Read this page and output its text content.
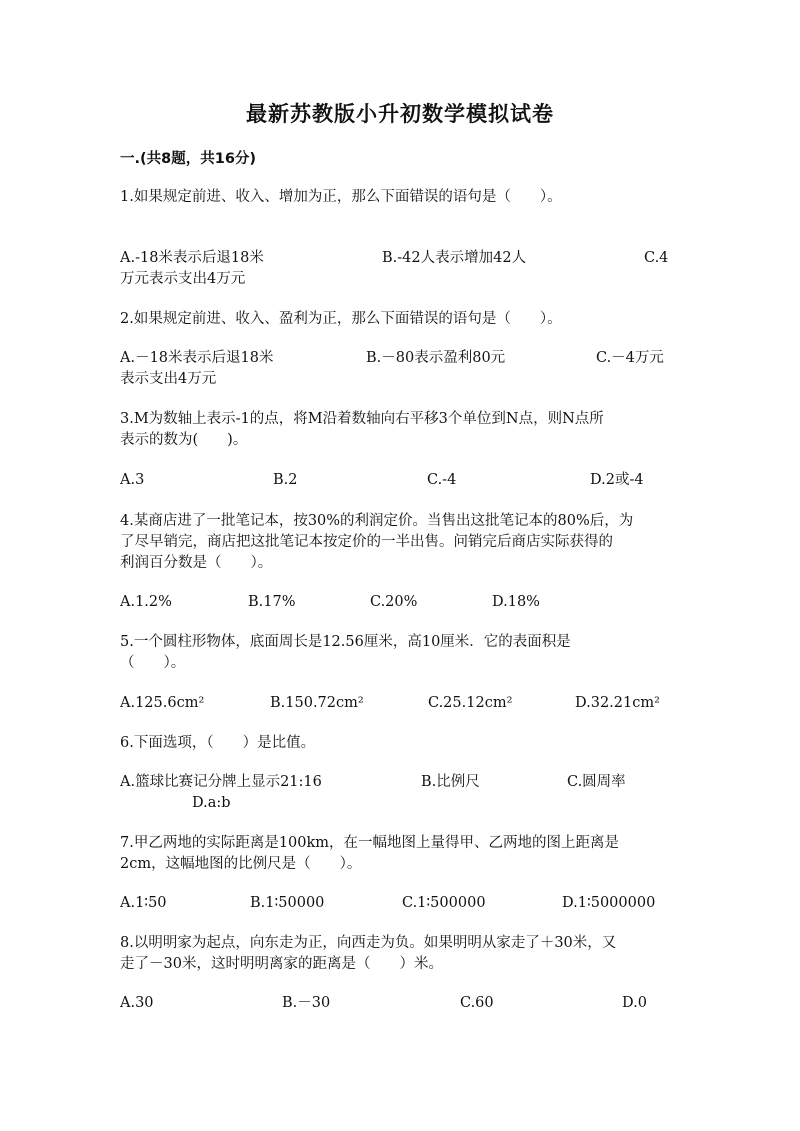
最新苏教版小升初数学模拟试卷
一.(共8题，共16分)
1.如果规定前进、收入、增加为正，那么下面错误的语句是（　　）。
A.-18米表示后退18米	B.-42人表示增加42人	C.4
万元表示支出4万元
2.如果规定前进、收入、盈利为正，那么下面错误的语句是（　　）。
A.－18米表示后退18米	B.－80表示盈利80元	C.－4万元
表示支出4万元
3.M为数轴上表示-1的点，将M沿着数轴向右平移3个单位到N点，则N点所
表示的数为(　　)。
A.3	B.2	C.-4	D.2或-4
4.某商店进了一批笔记本，按30%的利润定价。当售出这批笔记本的80%后，为
了尽早销完，商店把这批笔记本按定价的一半出售。问销完后商店实际获得的
利润百分数是（　　）。
A.1.2%	B.17%	C.20%	D.18%
5.一个圆柱形物体，底面周长是12.56厘米，高10厘米．它的表面积是
（　　）。
A.125.6cm²	B.150.72cm²	C.25.12cm²	D.32.21cm²
6.下面选项，（　　）是比值。
A.篮球比赛记分牌上显示21:16	B.比例尺	C.圆周率
D.a:b
7.甲乙两地的实际距离是100km，在一幅地图上量得甲、乙两地的图上距离是
2cm，这幅地图的比例尺是（　　）。
A.1∶50	B.1∶50000	C.1∶500000	D.1∶5000000
8.以明明家为起点，向东走为正，向西走为负。如果明明从家走了＋30米，又
走了－30米，这时明明离家的距离是（　　）米。
A.30	B.－30	C.60	D.0
